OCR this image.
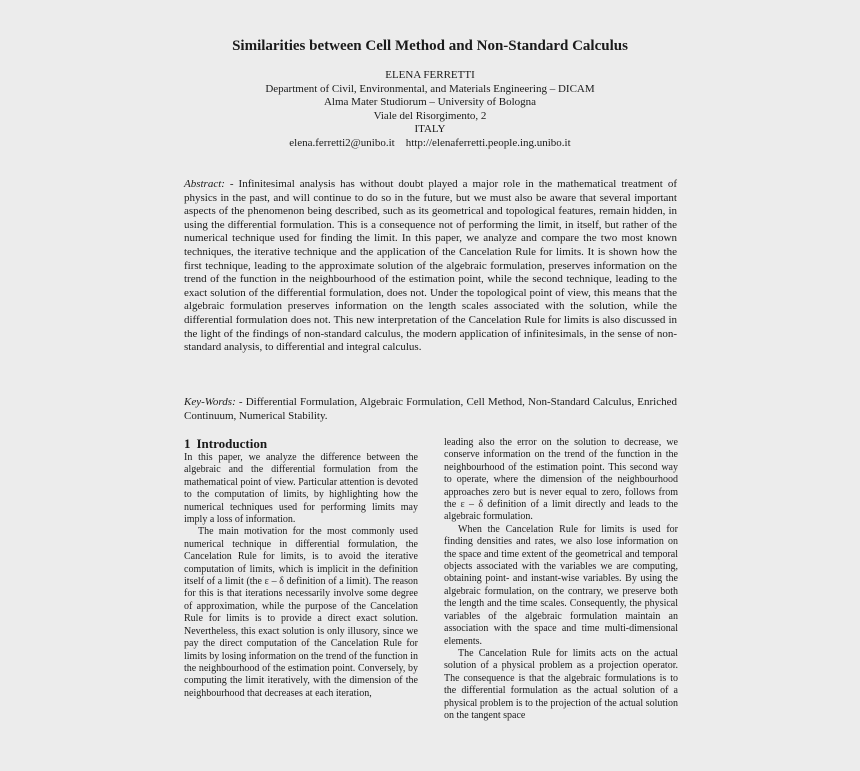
Similarities between Cell Method and Non-Standard Calculus
ELENA FERRETTI
Department of Civil, Environmental, and Materials Engineering – DICAM
Alma Mater Studiorum – University of Bologna
Viale del Risorgimento, 2
ITALY
elena.ferretti2@unibo.it    http://elenaferretti.people.ing.unibo.it
Abstract: - Infinitesimal analysis has without doubt played a major role in the mathematical treatment of physics in the past, and will continue to do so in the future, but we must also be aware that several important aspects of the phenomenon being described, such as its geometrical and topological features, remain hidden, in using the differential formulation. This is a consequence not of performing the limit, in itself, but rather of the numerical technique used for finding the limit. In this paper, we analyze and compare the two most known techniques, the iterative technique and the application of the Cancelation Rule for limits. It is shown how the first technique, leading to the approximate solution of the algebraic formulation, preserves information on the trend of the function in the neighbourhood of the estimation point, while the second technique, leading to the exact solution of the differential formulation, does not. Under the topological point of view, this means that the algebraic formulation preserves information on the length scales associated with the solution, while the differential formulation does not. This new interpretation of the Cancelation Rule for limits is also discussed in the light of the findings of non-standard calculus, the modern application of infinitesimals, in the sense of non-standard analysis, to differential and integral calculus.
Key-Words: - Differential Formulation, Algebraic Formulation, Cell Method, Non-Standard Calculus, Enriched Continuum, Numerical Stability.
1 Introduction

In this paper, we analyze the difference between the algebraic and the differential formulation from the mathematical point of view. Particular attention is devoted to the computation of limits, by highlighting how the numerical techniques used for performing limits may imply a loss of information.

The main motivation for the most commonly used numerical technique in differential formulation, the Cancelation Rule for limits, is to avoid the iterative computation of limits, which is implicit in the definition itself of a limit (the ε – δ definition of a limit). The reason for this is that iterations necessarily involve some degree of approximation, while the purpose of the Cancelation Rule for limits is to provide a direct exact solution. Nevertheless, this exact solution is only illusory, since we pay the direct computation of the Cancelation Rule for limits by losing information on the trend of the function in the neighbourhood of the estimation point. Conversely, by computing the limit iteratively, with the dimension of the neighbourhood that decreases at each iteration,

leading also the error on the solution to decrease, we conserve information on the trend of the function in the neighbourhood of the estimation point. This second way to operate, where the dimension of the neighbourhood approaches zero but is never equal to zero, follows from the ε – δ definition of a limit directly and leads to the algebraic formulation.

When the Cancelation Rule for limits is used for finding densities and rates, we also lose information on the space and time extent of the geometrical and temporal objects associated with the variables we are computing, obtaining point- and instant-wise variables. By using the algebraic formulation, on the contrary, we preserve both the length and the time scales. Consequently, the physical variables of the algebraic formulation maintain an association with the space and time multi-dimensional elements.

The Cancelation Rule for limits acts on the actual solution of a physical problem as a projection operator. The consequence is that the algebraic formulations is to the differential formulation as the actual solution of a physical problem is to the projection of the actual solution on the tangent space
